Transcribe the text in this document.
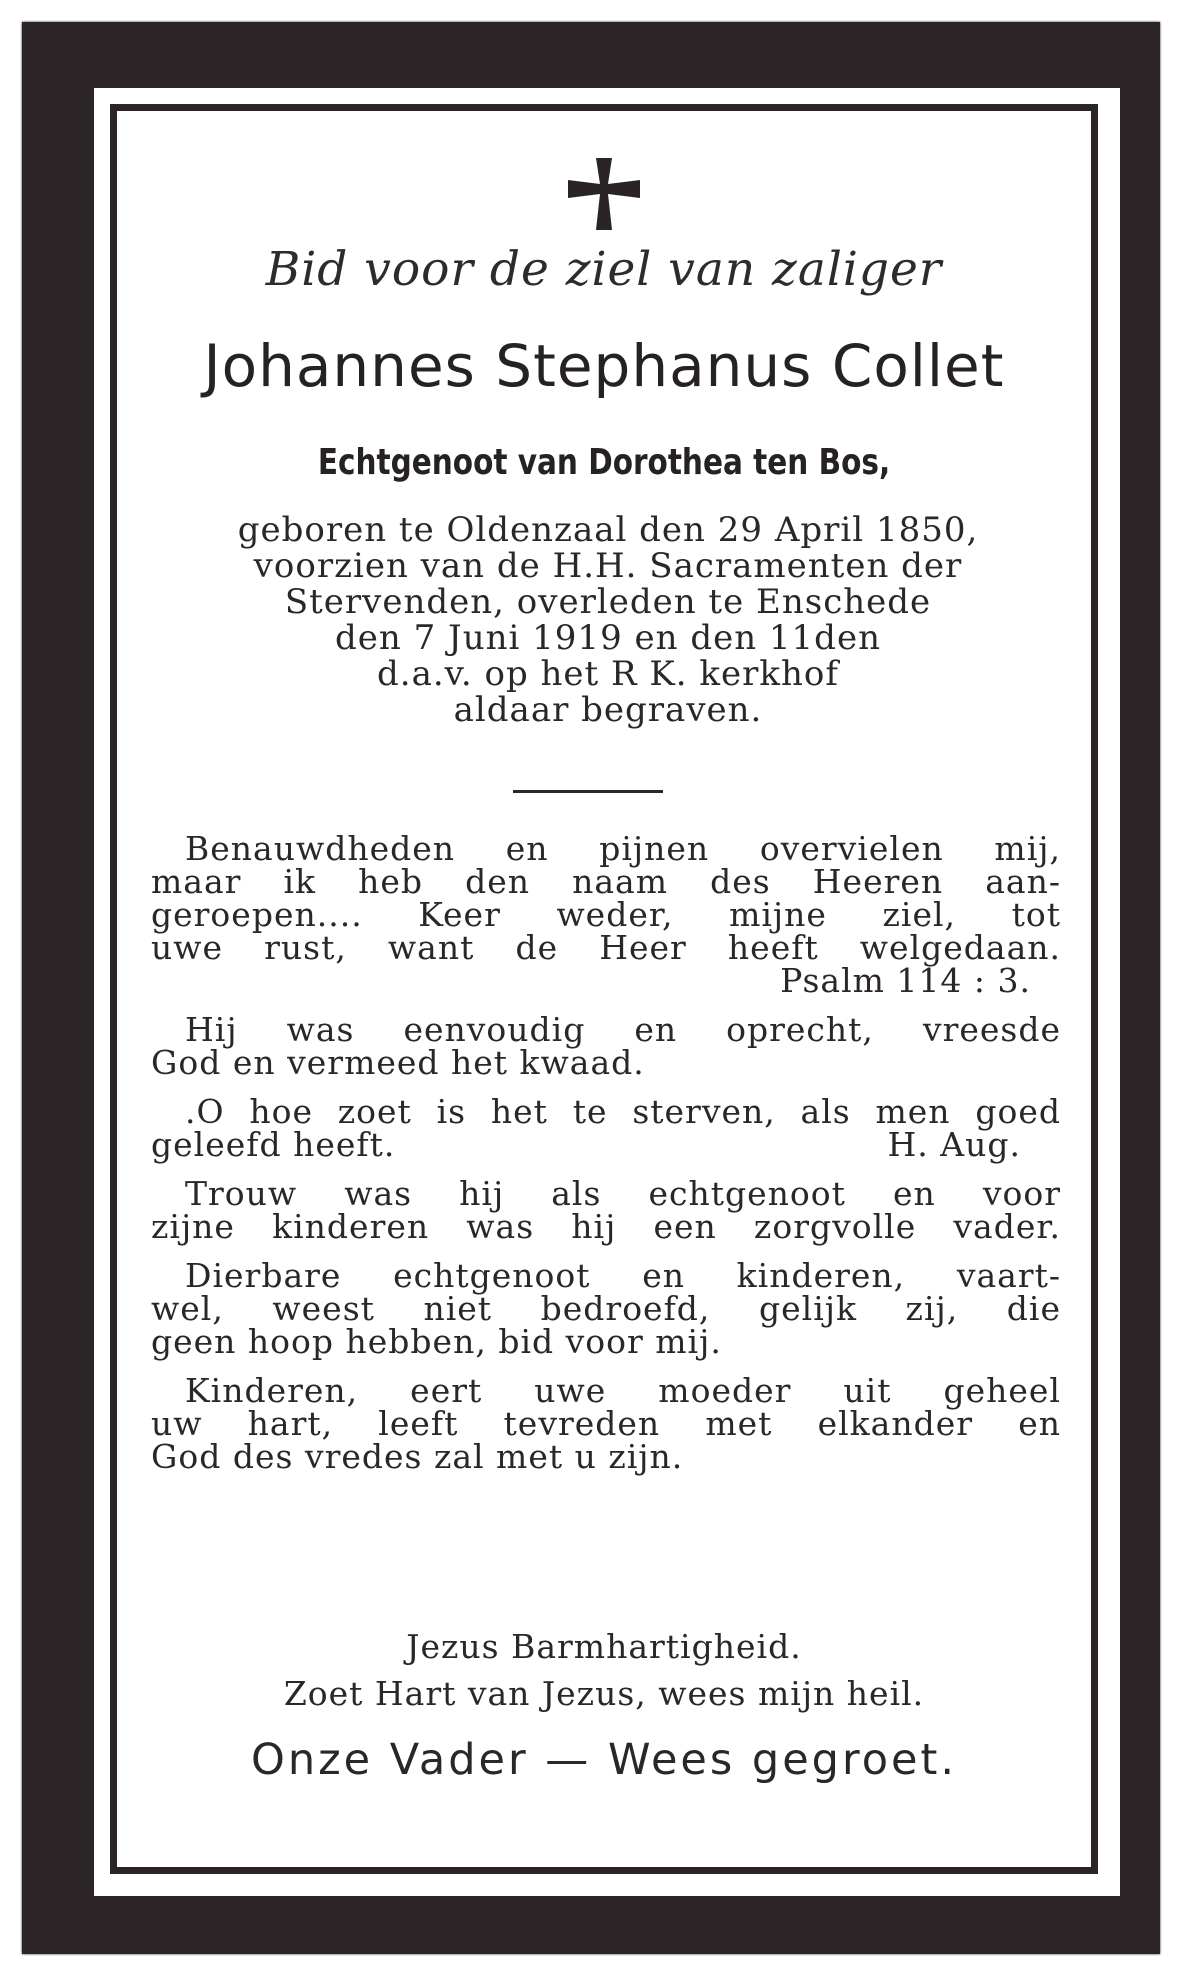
Bid voor de ziel van zaliger
Johannes Stephanus Collet
Echtgenoot van Dorothea ten Bos,
geboren te Oldenzaal den 29 April 1850,
voorzien van de H.H. Sacramenten der
Stervenden, overleden te Enschede
den 7 Juni 1919 en den 11den
d.a.v. op het R K. kerkhof
aldaar begraven.
Benauwdheden en pijnen overvielen mij,
maar ik heb den naam des Heeren aan-
geroepen.... Keer weder, mijne ziel, tot
uwe rust, want de Heer heeft welgedaan.
Psalm 114 : 3.
Hij was eenvoudig en oprecht, vreesde
God en vermeed het kwaad.
.O hoe zoet is het te sterven, als men goed
geleefd heeft.	H. Aug.
Trouw was hij als echtgenoot en voor
zijne kinderen was hij een zorgvolle vader.
Dierbare echtgenoot en kinderen, vaart-
wel, weest niet bedroefd, gelijk zij, die
geen hoop hebben, bid voor mij.
Kinderen, eert uwe moeder uit geheel
uw hart, leeft tevreden met elkander en
God des vredes zal met u zijn.
Jezus Barmhartigheid.
Zoet Hart van Jezus, wees mijn heil.
Onze Vader — Wees gegroet.
